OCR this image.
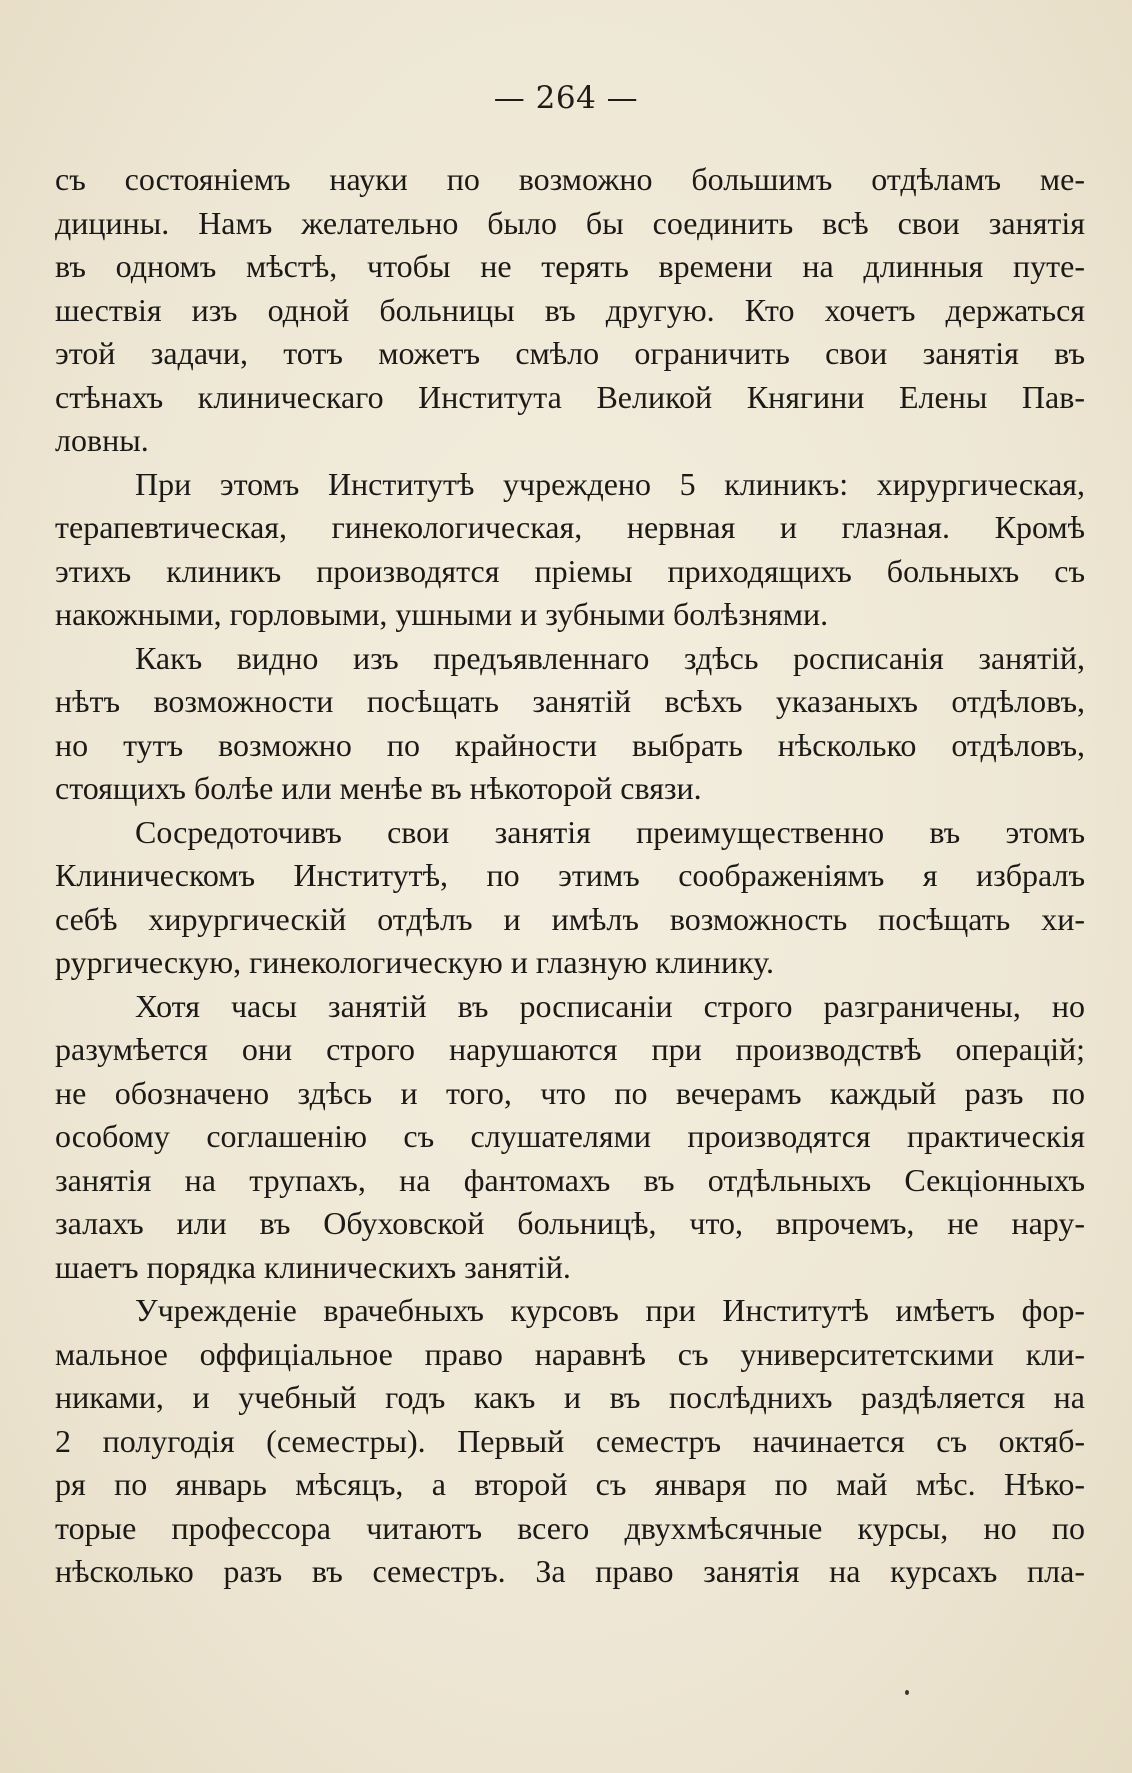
— 264 —
съ состояніемъ науки по возможно большимъ отдѣламъ ме-
дицины. Намъ желательно было бы соединить всѣ свои занятія
въ одномъ мѣстѣ, чтобы не терять времени на длинныя путе-
шествія изъ одной больницы въ другую. Кто хочетъ держаться
этой задачи, тотъ можетъ смѣло ограничить свои занятія въ
стѣнахъ клиническаго Института Великой Княгини Елены Пав-
ловны.
При этомъ Институтѣ учреждено 5 клиникъ: хирургическая,
терапевтическая, гинекологическая, нервная и глазная. Кромѣ
этихъ клиникъ производятся пріемы приходящихъ больныхъ съ
накожными, горловыми, ушными и зубными болѣзнями.
Какъ видно изъ предъявленнаго здѣсь росписанія занятій,
нѣтъ возможности посѣщать занятій всѣхъ указаныхъ отдѣловъ,
но тутъ возможно по крайности выбрать нѣсколько отдѣловъ,
стоящихъ болѣе или менѣе въ нѣкоторой связи.
Сосредоточивъ свои занятія преимущественно въ этомъ
Клиническомъ Институтѣ, по этимъ соображеніямъ я избралъ
себѣ хирургическій отдѣлъ и имѣлъ возможность посѣщать хи-
рургическую, гинекологическую и глазную клинику.
Хотя часы занятій въ росписаніи строго разграничены, но
разумѣется они строго нарушаются при производствѣ операцій;
не обозначено здѣсь и того, что по вечерамъ каждый разъ по
особому соглашенію съ слушателями производятся практическія
занятія на трупахъ, на фантомахъ въ отдѣльныхъ Секціонныхъ
залахъ или въ Обуховской больницѣ, что, впрочемъ, не нару-
шаетъ порядка клиническихъ занятій.
Учрежденіе врачебныхъ курсовъ при Институтѣ имѣетъ фор-
мальное оффиціальное право наравнѣ съ университетскими кли-
никами, и учебный годъ какъ и въ послѣднихъ раздѣляется на
2 полугодія (семестры). Первый семестръ начинается съ октяб-
ря по январь мѣсяцъ, а второй съ января по май мѣс. Нѣко-
торые профессора читаютъ всего двухмѣсячные курсы, но по
нѣсколько разъ въ семестръ. За право занятія на курсахъ пла-
